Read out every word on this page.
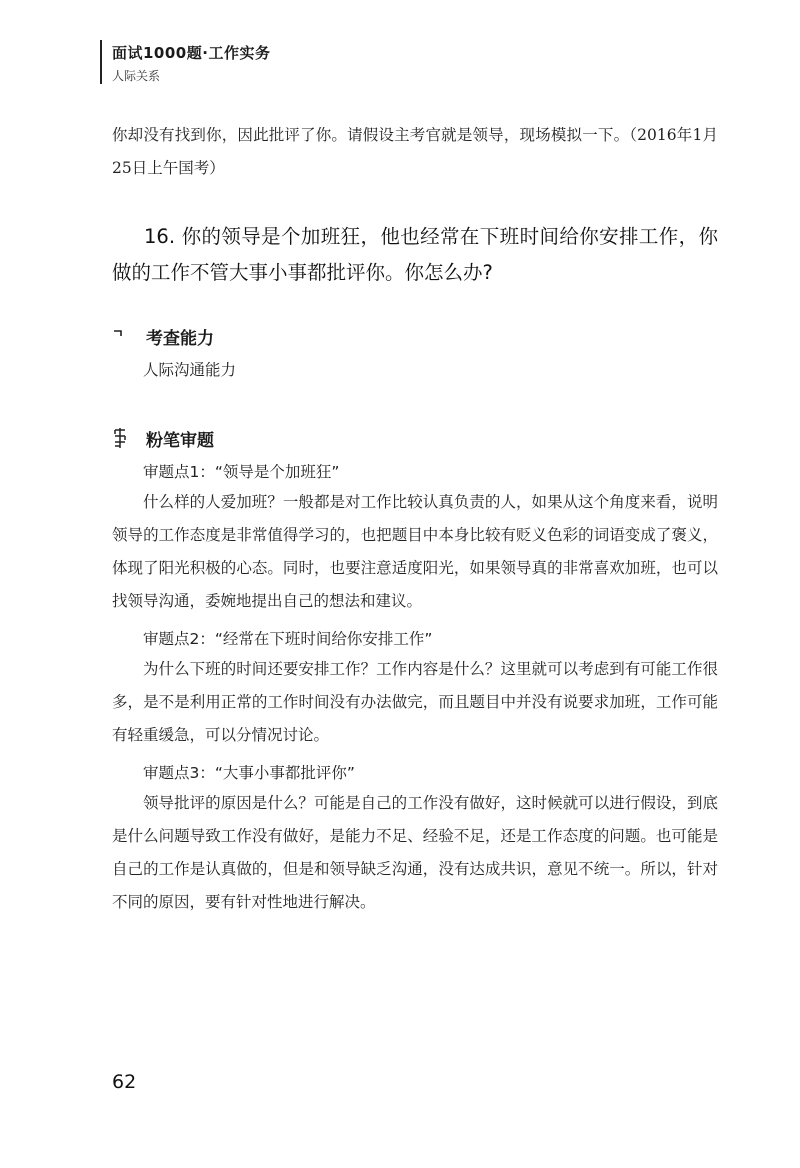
面试1000题·工作实务
人际关系
你却没有找到你，因此批评了你。请假设主考官就是领导，现场模拟一下。（2016年1月25日上午国考）
16. 你的领导是个加班狂，他也经常在下班时间给你安排工作，你做的工作不管大事小事都批评你。你怎么办?
考查能力
人际沟通能力
粉笔审题
审题点1：“领导是个加班狂”
什么样的人爱加班？一般都是对工作比较认真负责的人，如果从这个角度来看，说明领导的工作态度是非常值得学习的，也把题目中本身比较有贬义色彩的词语变成了褒义，体现了阳光积极的心态。同时，也要注意适度阳光，如果领导真的非常喜欢加班，也可以找领导沟通，委婉地提出自己的想法和建议。
审题点2：“经常在下班时间给你安排工作”
为什么下班的时间还要安排工作？工作内容是什么？这里就可以考虑到有可能工作很多，是不是利用正常的工作时间没有办法做完，而且题目中并没有说要求加班，工作可能有轻重缓急，可以分情况讨论。
审题点3：“大事小事都批评你”
领导批评的原因是什么？可能是自己的工作没有做好，这时候就可以进行假设，到底是什么问题导致工作没有做好，是能力不足、经验不足，还是工作态度的问题。也可能是自己的工作是认真做的，但是和领导缺乏沟通，没有达成共识，意见不统一。所以，针对不同的原因，要有针对性地进行解决。
62
